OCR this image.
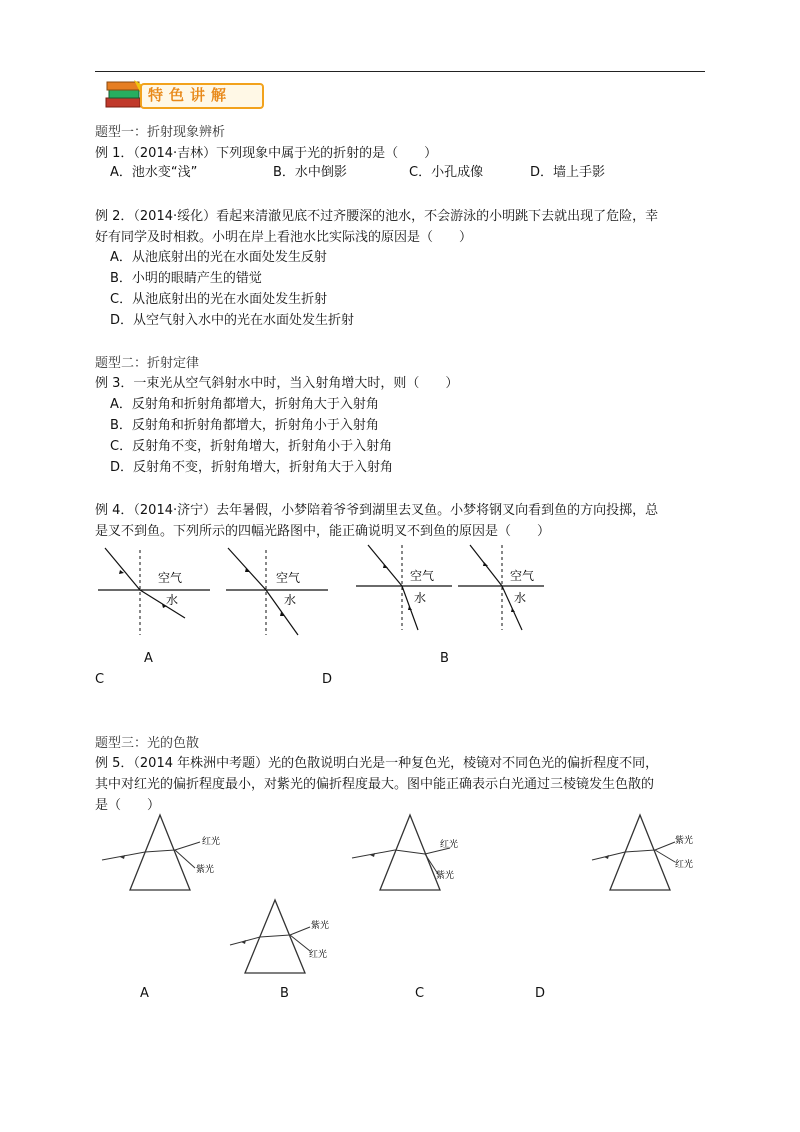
特色讲解
题型一：折射现象辨析
例 1．（2014·吉林）下列现象中属于光的折射的是（　　）
A．池水变“浅”	B．水中倒影	C．小孔成像	D．墙上手影
例 2．（2014·绥化）看起来清澈见底不过齐腰深的池水，不会游泳的小明跳下去就出现了危险，幸
好有同学及时相救。小明在岸上看池水比实际浅的原因是（　　）
A．从池底射出的光在水面处发生反射
B．小明的眼睛产生的错觉
C．从池底射出的光在水面处发生折射
D．从空气射入水中的光在水面处发生折射
题型二：折射定律
例 3．一束光从空气斜射水中时，当入射角增大时，则（　　）
A．反射角和折射角都增大，折射角大于入射角
B．反射角和折射角都增大，折射角小于入射角
C．反射角不变，折射角增大，折射角小于入射角
D．反射角不变，折射角增大，折射角大于入射角
例 4．（2014·济宁）去年暑假，小梦陪着爷爷到湖里去叉鱼。小梦将钢叉向看到鱼的方向投掷，总
是叉不到鱼。下列所示的四幅光路图中，能正确说明叉不到鱼的原因是（　　）
空气
水
空气
水
空气
水
空气
水
A	B
C	D
题型三：光的色散
例 5．（2014 年株洲中考题）光的色散说明白光是一种复色光，棱镜对不同色光的偏折程度不同，
其中对红光的偏折程度最小，对紫光的偏折程度最大。图中能正确表示白光通过三棱镜发生色散的
是（　　）
红光
紫光
红光
紫光
紫光
红光
紫光
红光
A	B	C	D
